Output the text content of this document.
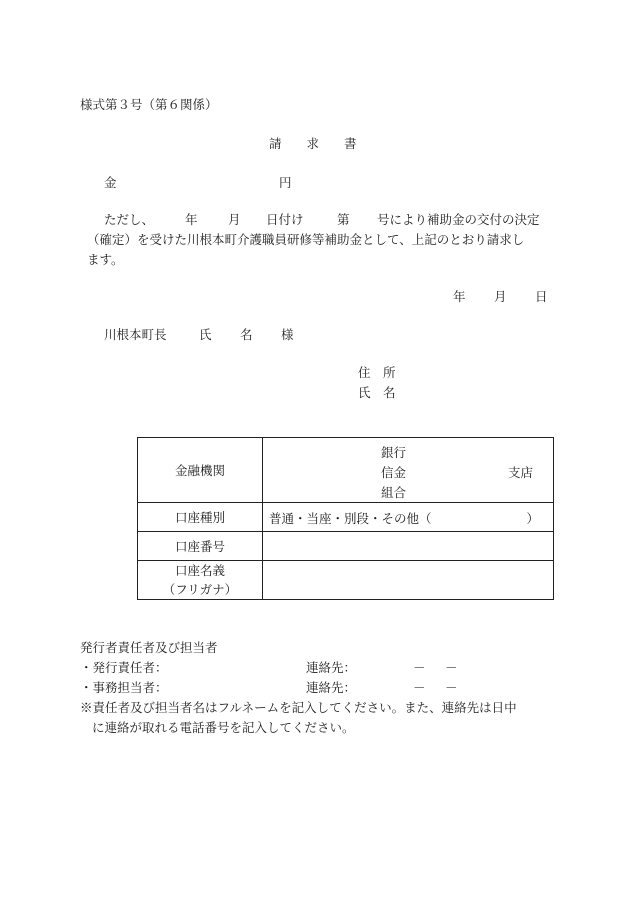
様式第３号（第６関係）
請　　求　　書
金	円
ただし、 年 月 日付け	第 号により補助金の交付の決定
（確定）を受けた川根本町介護職員研修等補助金として、上記のとおり請求し
ます。
年 月 日
川根本町長	氏 名 様
住　所
氏　名
金融機関	銀行
信金
組合
支店

口座種別	普通・当座・別段・その他（ ）

口座番号	

口座名義
（フリガナ）	

発行者責任者及び担当者
・発行責任者：	連絡先：	－ －
・事務担当者：	連絡先：	－ －
※責任者及び担当者名はフルネームを記入してください。また、連絡先は日中
に連絡が取れる電話番号を記入してください。
